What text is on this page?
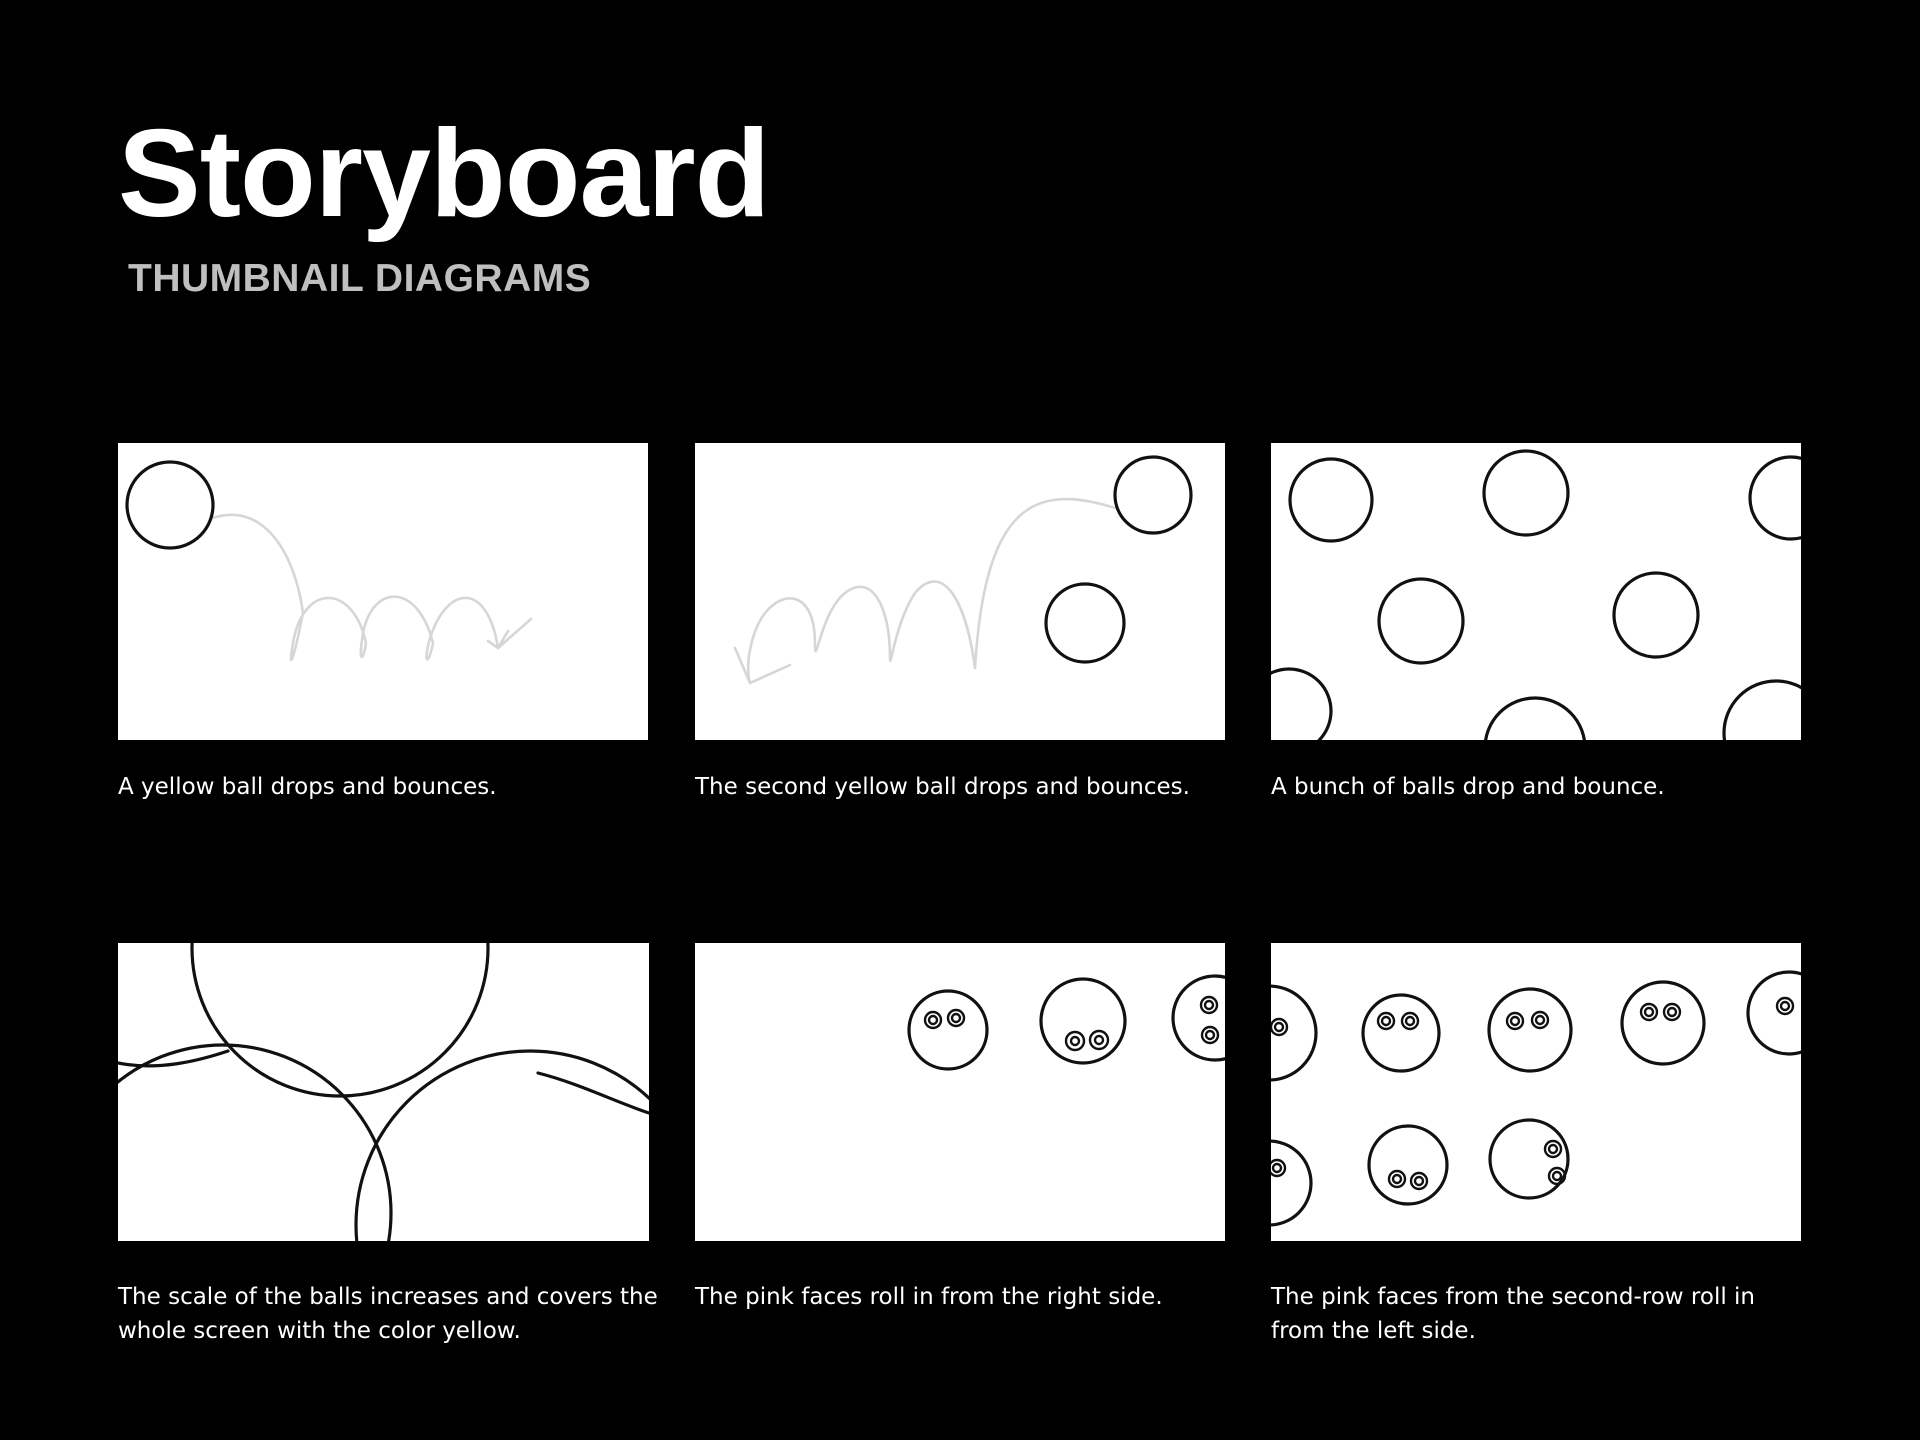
Storyboard
THUMBNAIL DIAGRAMS

A yellow ball drops and bounces.	The second yellow ball drops and bounces.	A bunch of balls drop and bounce.

The scale of the balls increases and covers the whole screen with the color yellow.

The pink faces roll in from the right side.	The pink faces from the second-row roll in from the left side.
